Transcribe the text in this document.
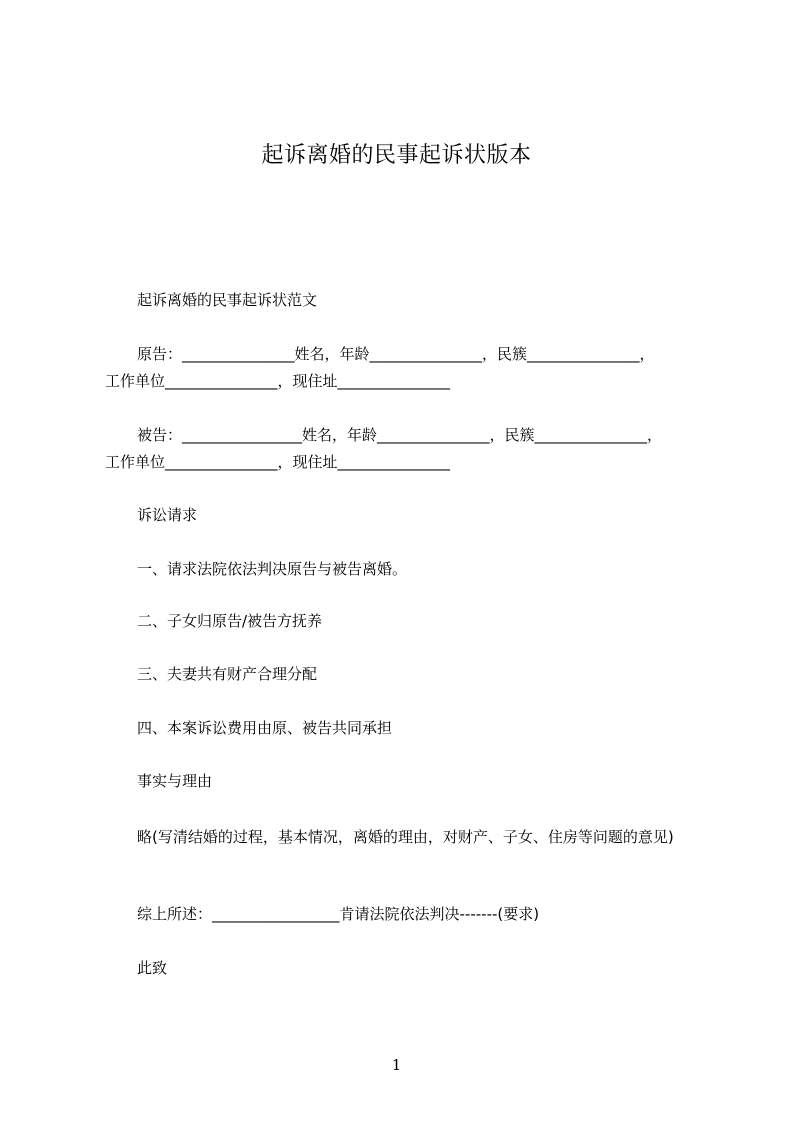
起诉离婚的民事起诉状版本
起诉离婚的民事起诉状范文
原告：_______________姓名，年龄_______________，民簇_______________，
工作单位_______________，现住址_______________
被告：________________姓名，年龄_______________，民簇_______________，
工作单位_______________，现住址_______________
诉讼请求
一、请求法院依法判决原告与被告离婚。
二、子女归原告/被告方抚养
三、夫妻共有财产合理分配
四、本案诉讼费用由原、被告共同承担
事实与理由
略(写清结婚的过程，基本情况，离婚的理由，对财产、子女、住房等问题的意见)
综上所述：_________________肯请法院依法判决-------(要求)
此致
1
